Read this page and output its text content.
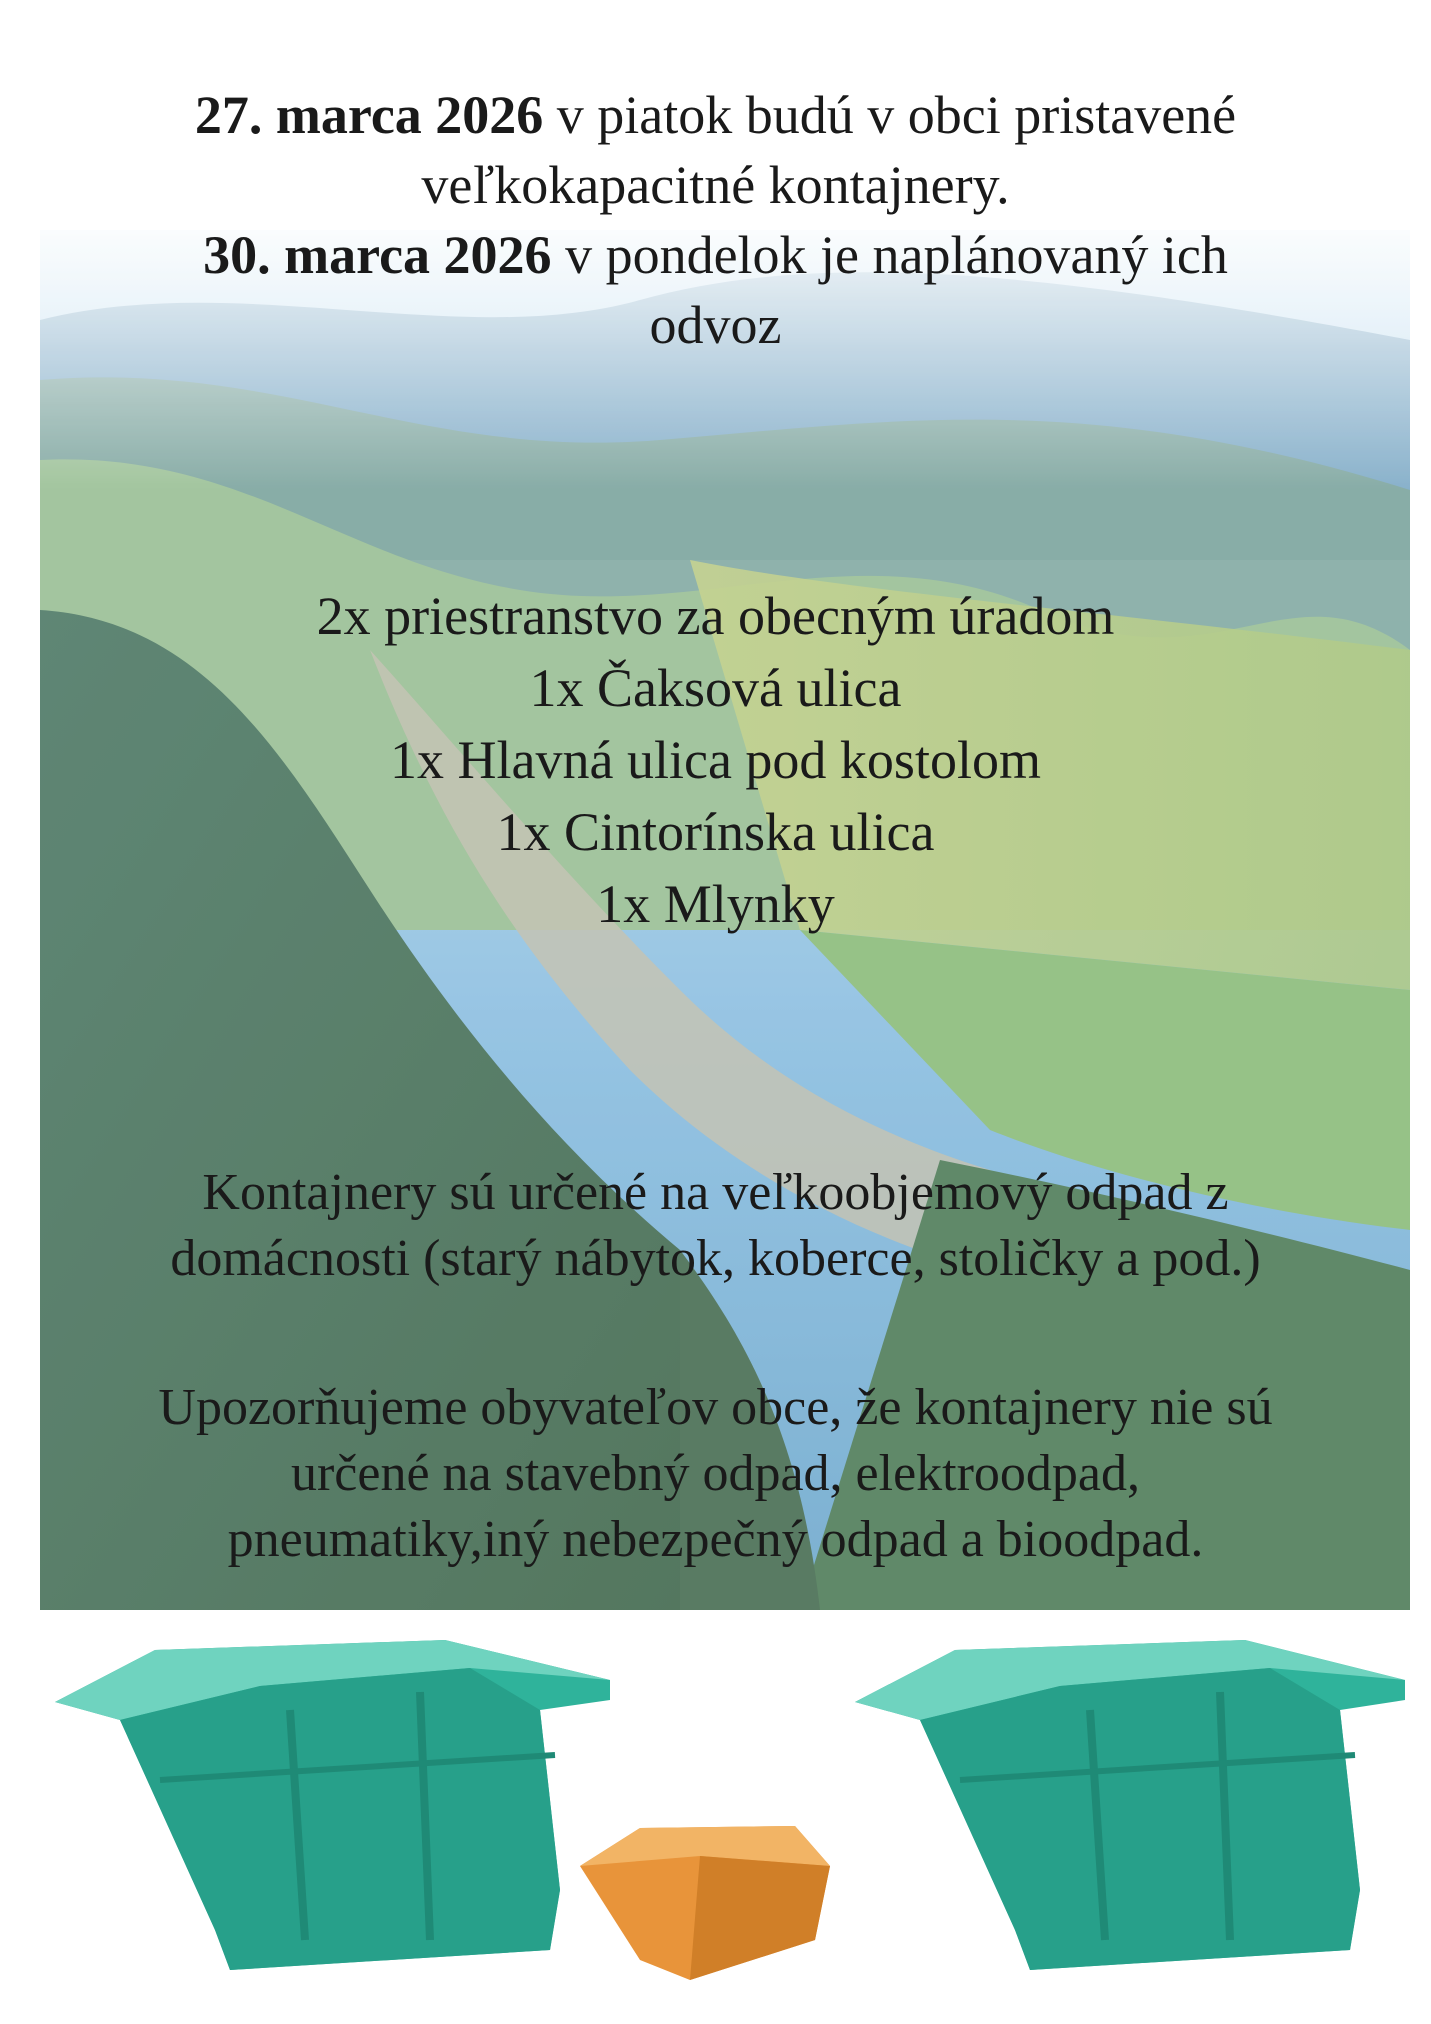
27. marca 2026 v piatok budú v obci pristavené
veľkokapacitné kontajnery.
30. marca 2026 v pondelok je naplánovaný ich
odvoz
2x priestranstvo za obecným úradom
1x Čaksová ulica
1x Hlavná ulica pod kostolom
1x Cintorínska ulica
1x Mlynky
Kontajnery sú určené na veľkoobjemový odpad z
domácnosti (starý nábytok, koberce, stoličky a pod.)
Upozorňujeme obyvateľov obce, že kontajnery nie sú
určené na stavebný odpad, elektroodpad,
pneumatiky,iný nebezpečný odpad a bioodpad.
